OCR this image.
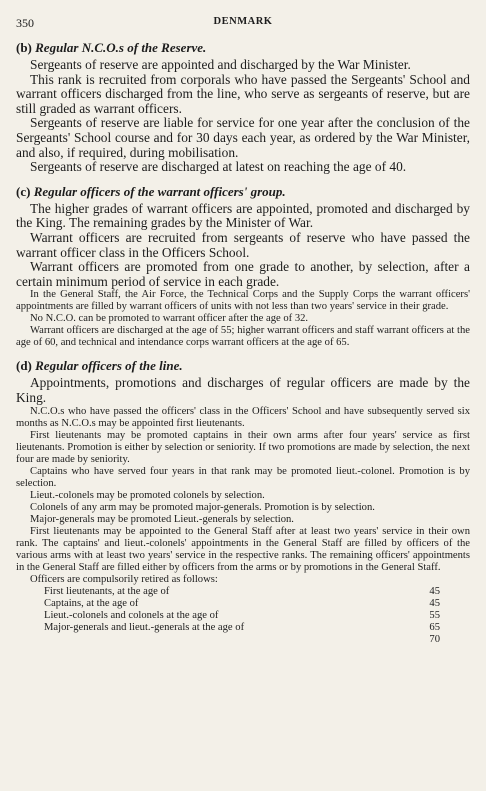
350	DENMARK
(b) Regular N.C.O.s of the Reserve.

Sergeants of reserve are appointed and discharged by the War Minister.

This rank is recruited from corporals who have passed the Sergeants' School and warrant officers discharged from the line, who serve as sergeants of reserve, but are still graded as warrant officers.

Sergeants of reserve are liable for service for one year after the conclusion of the Sergeants' School course and for 30 days each year, as ordered by the War Minister, and also, if required, during mobilisation.

Sergeants of reserve are discharged at latest on reaching the age of 40.

(c) Regular officers of the warrant officers' group.

The higher grades of warrant officers are appointed, promoted and discharged by the King. The remaining grades by the Minister of War.

Warrant officers are recruited from sergeants of reserve who have passed the warrant officer class in the Officers School.

Warrant officers are promoted from one grade to another, by selection, after a certain minimum period of service in each grade.

In the General Staff, the Air Force, the Technical Corps and the Supply Corps the warrant officers' appointments are filled by warrant officers of units with not less than two years' service in their grade.

No N.C.O. can be promoted to warrant officer after the age of 32.

Warrant officers are discharged at the age of 55; higher warrant officers and staff warrant officers at the age of 60, and technical and intendance corps warrant officers at the age of 65.

(d) Regular officers of the line.

Appointments, promotions and discharges of regular officers are made by the King.

N.C.O.s who have passed the officers' class in the Officers' School and have subsequently served six months as N.C.O.s may be appointed first lieutenants.

First lieutenants may be promoted captains in their own arms after four years' service as first lieutenants. Promotion is either by selection or seniority. If two promotions are made by selection, the next four are made by seniority.

Captains who have served four years in that rank may be promoted lieut.-colonel. Promotion is by selection.

Lieut.-colonels may be promoted colonels by selection.

Colonels of any arm may be promoted major-generals. Promotion is by selection.

Major-generals may be promoted Lieut.-generals by selection.

First lieutenants may be appointed to the General Staff after at least two years' service in their own rank. The captains' and lieut.-colonels' appointments in the General Staff are filled by officers of the various arms with at least two years' service in the respective ranks. The remaining officers' appointments in the General Staff are filled either by officers from the arms or by promotions in the General Staff.

Officers are compulsorily retired as follows:

First lieutenants, at the age of	45
Captains, at the age of	45
Lieut.-colonels and colonels at the age of	55
Major-generals and lieut.-generals at the age of	65
	70
